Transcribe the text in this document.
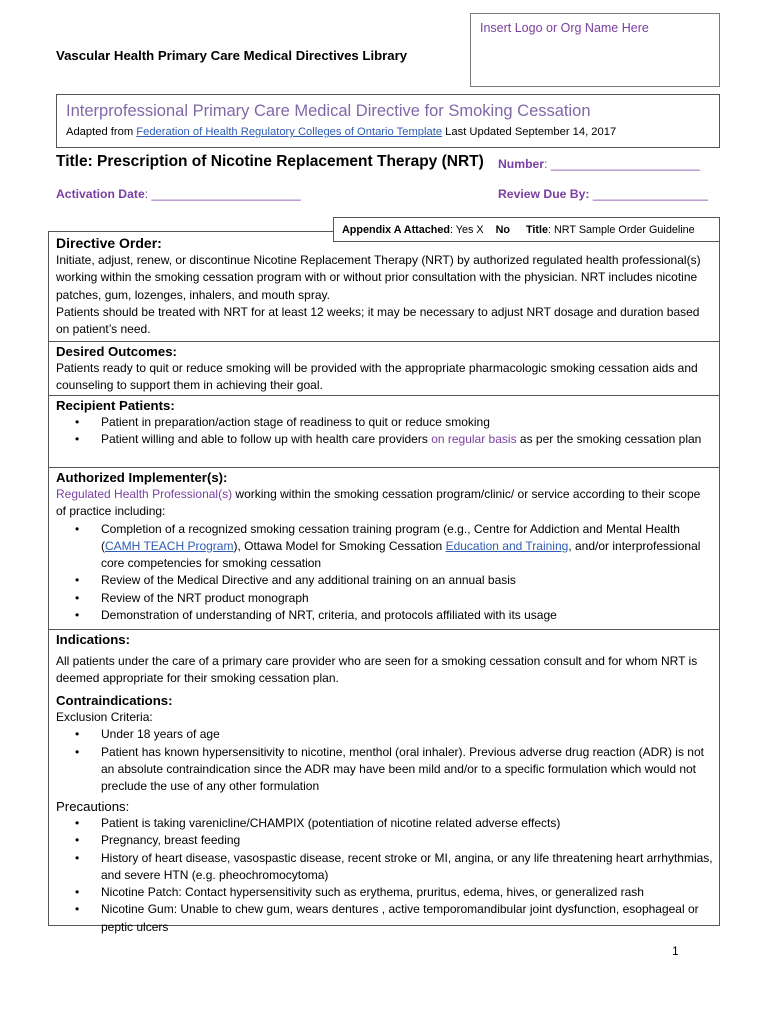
Insert Logo or Org Name Here
Vascular Health Primary Care Medical Directives Library
Interprofessional Primary Care Medical Directive for Smoking Cessation
Adapted from Federation of Health Regulatory Colleges of Ontario Template Last Updated September 14, 2017
Title: Prescription of Nicotine Replacement Therapy (NRT) Number: ______________________
Activation Date: ______________________	Review Due By: _________________
Appendix A Attached : Yes X No Title : NRT Sample Order Guideline
Directive Order:

Initiate, adjust, renew, or discontinue Nicotine Replacement Therapy (NRT) by authorized regulated health professional(s) working within the smoking cessation program with or without prior consultation with the physician. NRT includes nicotine patches, gum, lozenges, inhalers, and mouth spray.

Patients should be treated with NRT for at least 12 weeks; it may be necessary to adjust NRT dosage and duration based on patient’s need.

Desired Outcomes:

Patients ready to quit or reduce smoking will be provided with the appropriate pharmacologic smoking cessation aids and counseling to support them in achieving their goal.

Recipient Patients:
• Patient in preparation/action stage of readiness to quit or reduce smoking
• Patient willing and able to follow up with health care providers on regular basis as per the smoking cessation plan
Authorized Implementer(s):

Regulated Health Professional(s) working within the smoking cessation program/clinic/ or service according to their scope of practice including:

• Completion of a recognized smoking cessation training program (e.g., Centre for Addiction and Mental Health (CAMH TEACH Program), Ottawa Model for Smoking Cessation Education and Training, and/or interprofessional core competencies for smoking cessation
• Review of the Medical Directive and any additional training on an annual basis
• Review of the NRT product monograph
• Demonstration of understanding of NRT, criteria, and protocols affiliated with its usage
Indications:

All patients under the care of a primary care provider who are seen for a smoking cessation consult and for whom NRT is deemed appropriate for their smoking cessation plan.

Contraindications:

Exclusion Criteria:

• Under 18 years of age
• Patient has known hypersensitivity to nicotine, menthol (oral inhaler). Previous adverse drug reaction (ADR) is not an absolute contraindication since the ADR may have been mild and/or to a specific formulation which would not preclude the use of any other formulation
Precautions:
• Patient is taking varenicline/CHAMPIX (potentiation of nicotine related adverse effects)
• Pregnancy, breast feeding
• History of heart disease, vasospastic disease, recent stroke or MI, angina, or any life threatening heart arrhythmias, and severe HTN (e.g. pheochromocytoma)
• Nicotine Patch: Contact hypersensitivity such as erythema, pruritus, edema, hives, or generalized rash
• Nicotine Gum: Unable to chew gum, wears dentures , active temporomandibular joint dysfunction, esophageal or peptic ulcers
1
